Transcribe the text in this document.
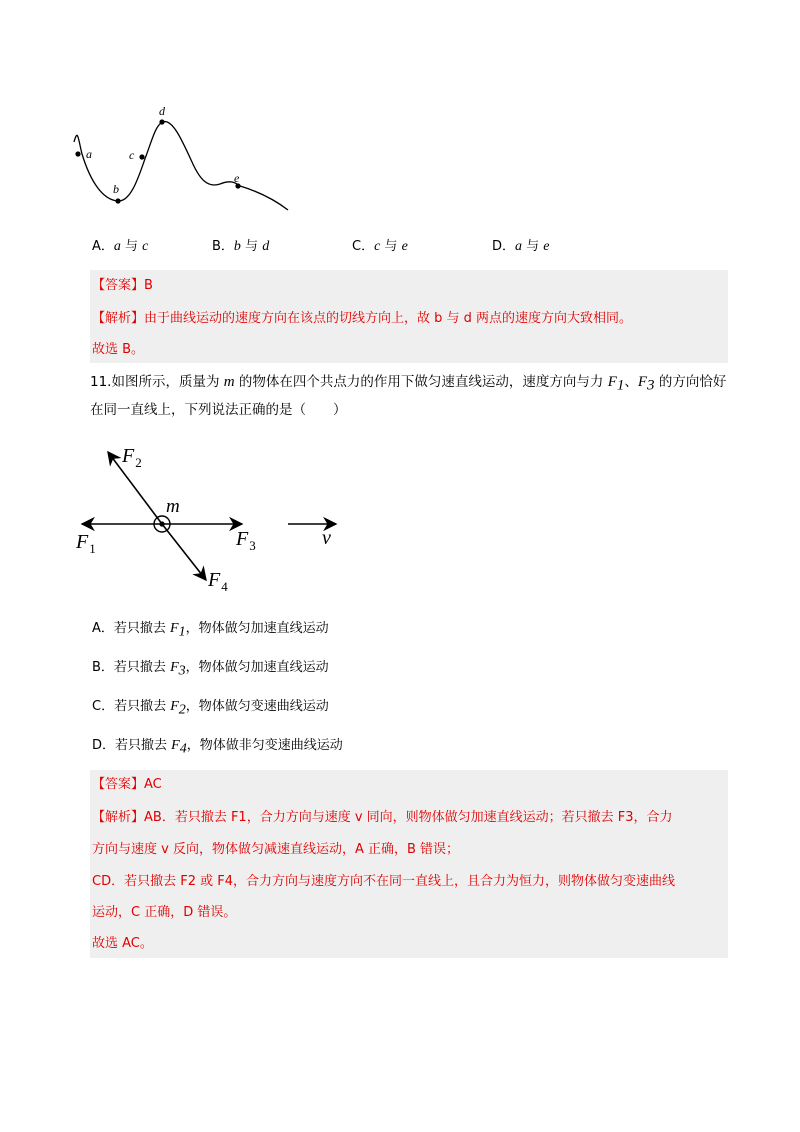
a
b
c
d
e
A．a 与 c	B．b 与 d	C．c 与 e	D．a 与 e
【答案】B
【解析】由于曲线运动的速度方向在该点的切线方向上，故 b 与 d 两点的速度方向大致相同。
故选 B。
11.如图所示，质量为 m 的物体在四个共点力的作用下做匀速直线运动，速度方向与力 $F_1$、$F_3$ 的方向恰好
在同一直线上，下列说法正确的是（　　）
$F_2$
m
$F_1$	$F_3$
$F_4$
v
A．若只撤去 $F_1$，物体做匀加速直线运动
B．若只撤去 $F_3$，物体做匀加速直线运动
C．若只撤去 $F_2$，物体做匀变速曲线运动
D．若只撤去 $F_4$，物体做非匀变速曲线运动
【答案】AC
【解析】AB．若只撤去 F1，合力方向与速度 v 同向，则物体做匀加速直线运动；若只撤去 F3，合力
方向与速度 v 反向，物体做匀减速直线运动，A 正确，B 错误；
CD．若只撤去 F2 或 F4，合力方向与速度方向不在同一直线上，且合力为恒力，则物体做匀变速曲线
运动，C 正确，D 错误。
故选 AC。
